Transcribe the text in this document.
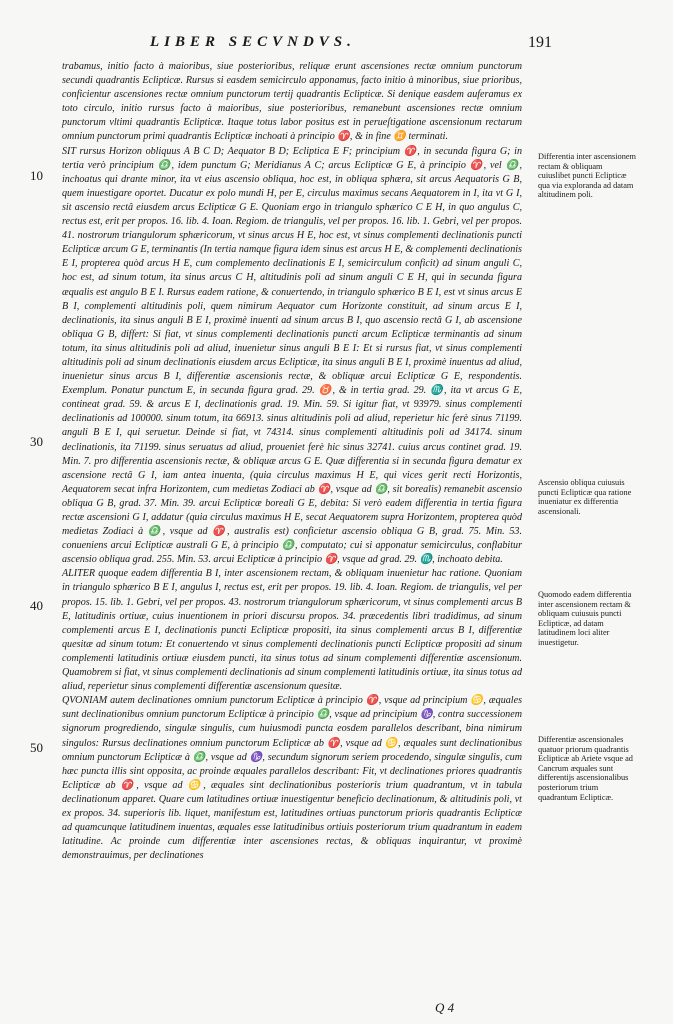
LIBER SECVNDVS.	191
10
30
40
50

trabamus, initio facto à maioribus, siue posterioribus, reliquæ erunt ascensiones rectæ omnium punctorum secundi quadrantis Eclipticæ. Rursus si easdem semicirculo apponamus, facto initio à minoribus, siue prioribus, conficientur ascensiones rectæ omnium punctorum tertij quadrantis Eclipticæ. Si denique easdem auferamus ex toto circulo, initio rursus facto à maioribus, siue posterioribus, remanebunt ascensiones rectæ omnium punctorum vltimi quadrantis Eclipticæ. Itaque totus labor positus est in perueſtigatione ascensionum rectarum omnium punctorum primi quadrantis Eclipticæ inchoati à principio ♈, & in fine ♊ terminati.

SIT rursus Horizon obliquus A B C D; Aequator B D; Ecliptica E F; principium ♈, in secunda figura G; in tertia verò principium ♎, idem punctum G; Meridianus A C; arcus Eclipticæ G E, à principio ♈, vel ♎, inchoatus qui drante minor, ita vt eius ascensio obliqua, hoc est, in obliqua sphæra, sit arcus Aequatoris G B, quem inuestigare oportet. Ducatur ex polo mundi H, per E, circulus maximus secans Aequatorem in I, ita vt G I, sit ascensio rectâ eiusdem arcus Eclipticæ G E. Quoniam ergo in triangulo sphærico C E H, in quo angulus C, rectus est, erit per propos. 16. lib. 4. Ioan. Regiom. de triangulis, vel per propos. 16. lib. 1. Gebri, vel per propos. 41. nostrorum triangulorum sphæricorum, vt sinus arcus H E, hoc est, vt sinus complementi declinationis puncti Eclipticæ arcum G E, terminantis (In tertia namque figura idem sinus est arcus H E, & complementi declinationis E I, propterea quòd arcus H E, cum complemento declinationis E I, semicirculum conficit) ad sinum anguli C, hoc est, ad sinum totum, ita sinus arcus C H, altitudinis poli ad sinum anguli C E H, qui in secunda figura æqualis est angulo B E I. Rursus eadem ratione, & conuertendo, in triangulo sphærico B E I, est vt sinus arcus E B I, complementi altitudinis poli, quem nimirum Aequator cum Horizonte constituit, ad sinum arcus E I, declinationis, ita sinus anguli B E I, proximè inuenti ad sinum arcus B I, quo ascensio rectâ G I, ab ascensione obliqua G B, differt: Si fiat, vt sinus complementi declinationis puncti arcum Eclipticæ terminantis ad sinum totum, ita sinus altitudinis poli ad aliud, inuenietur sinus anguli B E I: Et si rursus fiat, vt sinus complementi altitudinis poli ad sinum declinationis eiusdem arcus Eclipticæ, ita sinus anguli B E I, proximè inuentus ad aliud, inuenietur sinus arcus B I, differentiæ ascensionis rectæ, & obliquæ arcui Eclipticæ G E, respondentis. Exemplum. Ponatur punctum E, in secunda figura grad. 29. ♉, & in tertia grad. 29. ♏, ita vt arcus G E, contineat grad. 59. & arcus E I, declinationis grad. 19. Min. 59. Si igitur fiat, vt 93979. sinus complementi declinationis ad 100000. sinum totum, ita 66913. sinus altitudinis poli ad aliud, reperietur hic ferè sinus 71199. anguli B E I, qui seruetur. Deinde si fiat, vt 74314. sinus complementi altitudinis poli ad 34174. sinum declinationis, ita 71199. sinus seruatus ad aliud, proueniet ferè hic sinus 32741. cuius arcus continet grad. 19. Min. 7. pro differentia ascensionis rectæ, & obliquæ arcus G E. Quæ differentia si in secunda figura dematur ex ascensione rectâ G I, iam antea inuenta, (quia circulus maximus H E, qui vices gerit recti Horizontis, Aequatorem secat infra Horizontem, cum medietas Zodiaci ab ♈, vsque ad ♎, sit borealis) remanebit ascensio obliqua G B, grad. 37. Min. 39. arcui Eclipticæ boreali G E, debita: Si verò eadem differentia in tertia figura rectæ ascensioni G I, addatur (quia circulus maximus H E, secat Aequatorem supra Horizontem, propterea quòd medietas Zodiaci à ♎, vsque ad ♈, australis est) conficietur ascensio obliqua G B, grad. 75. Min. 53. conueniens arcui Eclipticæ australi G E, à principio ♎, computato; cui si apponatur semicirculus, conflabitur ascensio obliqua grad. 255. Min. 53. arcui Eclipticæ à principio ♈, vsque ad grad. 29. ♏, inchoato debita.

ALITER quoque eadem differentia B I, inter ascensionem rectam, & obliquam inuenietur hac ratione. Quoniam in triangulo sphærico B E I, angulus I, rectus est, erit per propos. 19. lib. 4. Ioan. Regiom. de triangulis, vel per propos. 15. lib. 1. Gebri, vel per propos. 43. nostrorum triangulorum sphæricorum, vt sinus complementi arcus B E, latitudinis ortiuæ, cuius inuentionem in priori discursu propos. 34. præcedentis libri tradidimus, ad sinum complementi arcus E I, declinationis puncti Eclipticæ propositi, ita sinus complementi arcus B I, differentiæ quesitæ ad sinum totum: Et conuertendo vt sinus complementi declinationis puncti Eclipticæ propositi ad sinum complementi latitudinis ortiuæ eiusdem puncti, ita sinus totus ad sinum complementi differentiæ ascensionum. Quamobrem si fiat, vt sinus complementi declinationis ad sinum complementi latitudinis ortiuæ, ita sinus totus ad aliud, reperietur sinus complementi differentiæ ascensionum quesitæ.

QVONIAM autem declinationes omnium punctorum Eclipticæ à principio ♈, vsque ad principium ♋, æquales sunt declinationibus omnium punctorum Eclipticæ à principio ♎, vsque ad principium ♑, contra successionem signorum progrediendo, singulæ singulis, cum huiusmodi puncta eosdem parallelos describant, bina nimirum singulos: Rursus declinationes omnium punctorum Eclipticæ ab ♈, vsque ad ♋, æquales sunt declinationibus omnium punctorum Eclipticæ à ♎, vsque ad ♑, secundum signorum seriem procedendo, singulæ singulis, cum hæc puncta illis sint opposita, ac proinde æquales parallelos describant: Fit, vt declinationes priores quadrantis Eclipticæ ab ♈, vsque ad ♋, æquales sint declinationibus posterioris trium quadrantum, vt in tabula declinationum apparet. Quare cum latitudines ortiuæ inuestigentur beneficio declinationum, & altitudinis poli, vt ex propos. 34. superioris lib. liquet, manifestum est, latitudines ortiuas punctorum prioris quadrantis Eclipticæ ad quamcunque latitudinem inuentas, æquales esse latitudinibus ortiuis posteriorum trium quadrantum in eadem latitudine. Ac proinde cum differentiæ inter ascensiones rectas, & obliquas inquirantur, vt proximè demonstrauimus, per declinationes

Differentia inter ascensionem rectam & obliquam cuiuslibet puncti Eclipticæ qua via exploranda ad datam altitudinem poli.
Ascensio obliqua cuiusuis puncti Eclipticæ qua ratione inueniatur ex differentia ascensionali.
Quomodo eadem differentia inter ascensionem rectam & obliquam cuiusuis puncti Eclipticæ, ad datam latitudinem loci aliter inuestigetur.
Differentiæ ascensionales quatuor priorum quadrantis Eclipticæ ab Ariete vsque ad Cancrum æquales sunt differentijs ascensionalibus posteriorum trium quadrantum Eclipticæ.
Q 4
